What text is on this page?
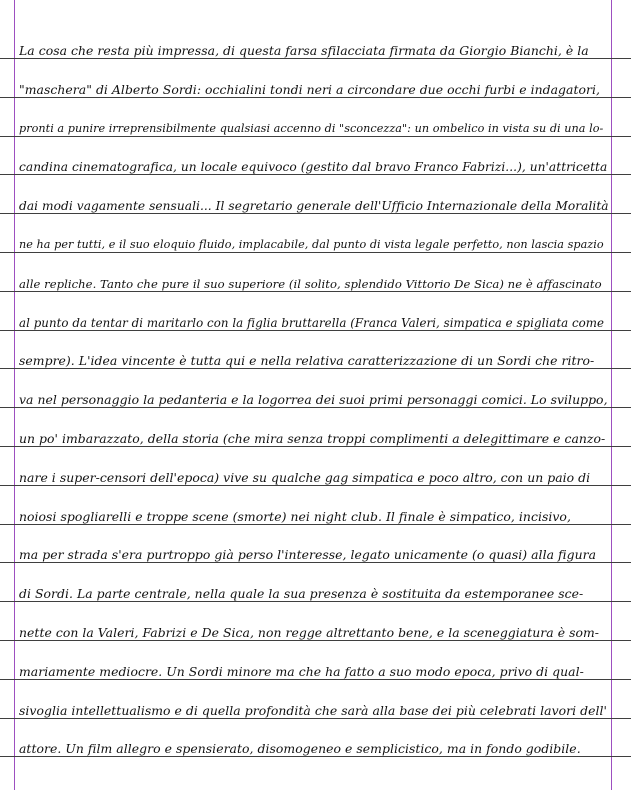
La cosa che resta più impressa, di questa farsa sfilacciata firmata da Giorgio Bianchi, è la
"maschera" di Alberto Sordi: occhialini tondi neri a circondare due occhi furbi e indagatori,
pronti a punire irreprensibilmente qualsiasi accenno di "sconcezza": un ombelico in vista su di una lo-
candina cinematografica, un locale equivoco (gestito dal bravo Franco Fabrizi...), un'attricetta
dai modi vagamente sensuali... Il segretario generale dell'Ufficio Internazionale della Moralità
ne ha per tutti, e il suo eloquio fluido, implacabile, dal punto di vista legale perfetto, non lascia spazio
alle repliche. Tanto che pure il suo superiore (il solito, splendido Vittorio De Sica) ne è affascinato
al punto da tentar di maritarlo con la figlia bruttarella (Franca Valeri, simpatica e spigliata come
sempre). L'idea vincente è tutta qui e nella relativa caratterizzazione di un Sordi che ritro-
va nel personaggio la pedanteria e la logorrea dei suoi primi personaggi comici. Lo sviluppo,
un po' imbarazzato, della storia (che mira senza troppi complimenti a delegittimare e canzo-
nare i super-censori dell'epoca) vive su qualche gag simpatica e poco altro, con un paio di
noiosi spogliarelli e troppe scene (smorte) nei night club. Il finale è simpatico, incisivo,
ma per strada s'era purtroppo già perso l'interesse, legato unicamente (o quasi) alla figura
di Sordi. La parte centrale, nella quale la sua presenza è sostituita da estemporanee sce-
nette con la Valeri, Fabrizi e De Sica, non regge altrettanto bene, e la sceneggiatura è som-
mariamente mediocre. Un Sordi minore ma che ha fatto a suo modo epoca, privo di qual-
sivoglia intellettualismo e di quella profondità che sarà alla base dei più celebrati lavori dell'
attore. Un film allegro e spensierato, disomogeneo e semplicistico, ma in fondo godibile.
